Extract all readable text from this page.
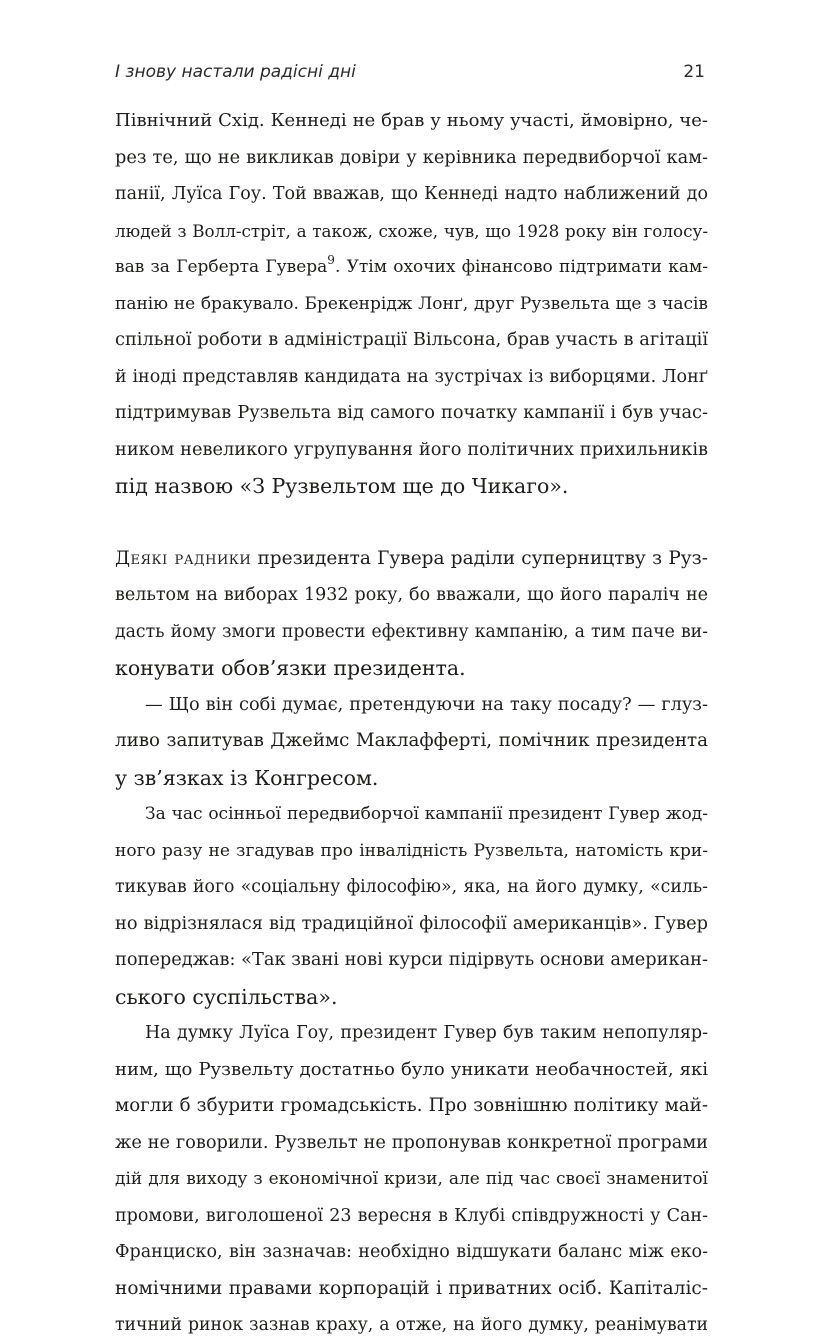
І знову настали радісні дні	21
Північний Схід. Кеннеді не брав у ньому участі, ймовірно, че-
рез те, що не викликав довіри у керівника передвиборчої кам-
панії, Луїса Гоу. Той вважав, що Кеннеді надто наближений до
людей з Волл-стріт, а також, схоже, чув, що 1928 року він голосу-
вав за Герберта Гувера$^9$. Утім охочих фінансово підтримати кам-
панію не бракувало. Брекенрідж Лонґ, друг Рузвельта ще з часів
спільної роботи в адміністрації Вільсона, брав участь в агітації
й іноді представляв кандидата на зустрічах із виборцями. Лонґ
підтримував Рузвельта від самого початку кампанії і був учас-
ником невеликого угрупування його політичних прихильників
під назвою «З Рузвельтом ще до Чикаго».
Деякі радники президента Гувера раділи суперництву з Руз-
вельтом на виборах 1932 року, бо вважали, що його параліч не
дасть йому змоги провести ефективну кампанію, а тим паче ви-
конувати обов’язки президента.
— Що він собі думає, претендуючи на таку посаду? — глуз-
ливо запитував Джеймс Маклафферті, помічник президента
у зв’язках із Конгресом.
За час осінньої передвиборчої кампанії президент Гувер жод-
ного разу не згадував про інвалідність Рузвельта, натомість кри-
тикував його «соціальну філософію», яка, на його думку, «силь-
но відрізнялася від традиційної філософії американців». Гувер
попереджав: «Так звані нові курси підірвуть основи американ-
ського суспільства».
На думку Луїса Гоу, президент Гувер був таким непопуляр-
ним, що Рузвельту достатньо було уникати необачностей, які
могли б збурити громадськість. Про зовнішню політику май-
же не говорили. Рузвельт не пропонував конкретної програми
дій для виходу з економічної кризи, але під час своєї знаменитої
промови, виголошеної 23 вересня в Клубі співдружності у Сан-
Франциско, він зазначав: необхідно відшукати баланс між еко-
номічними правами корпорацій і приватних осіб. Капіталіс-
тичний ринок зазнав краху, а отже, на його думку, реанімувати
